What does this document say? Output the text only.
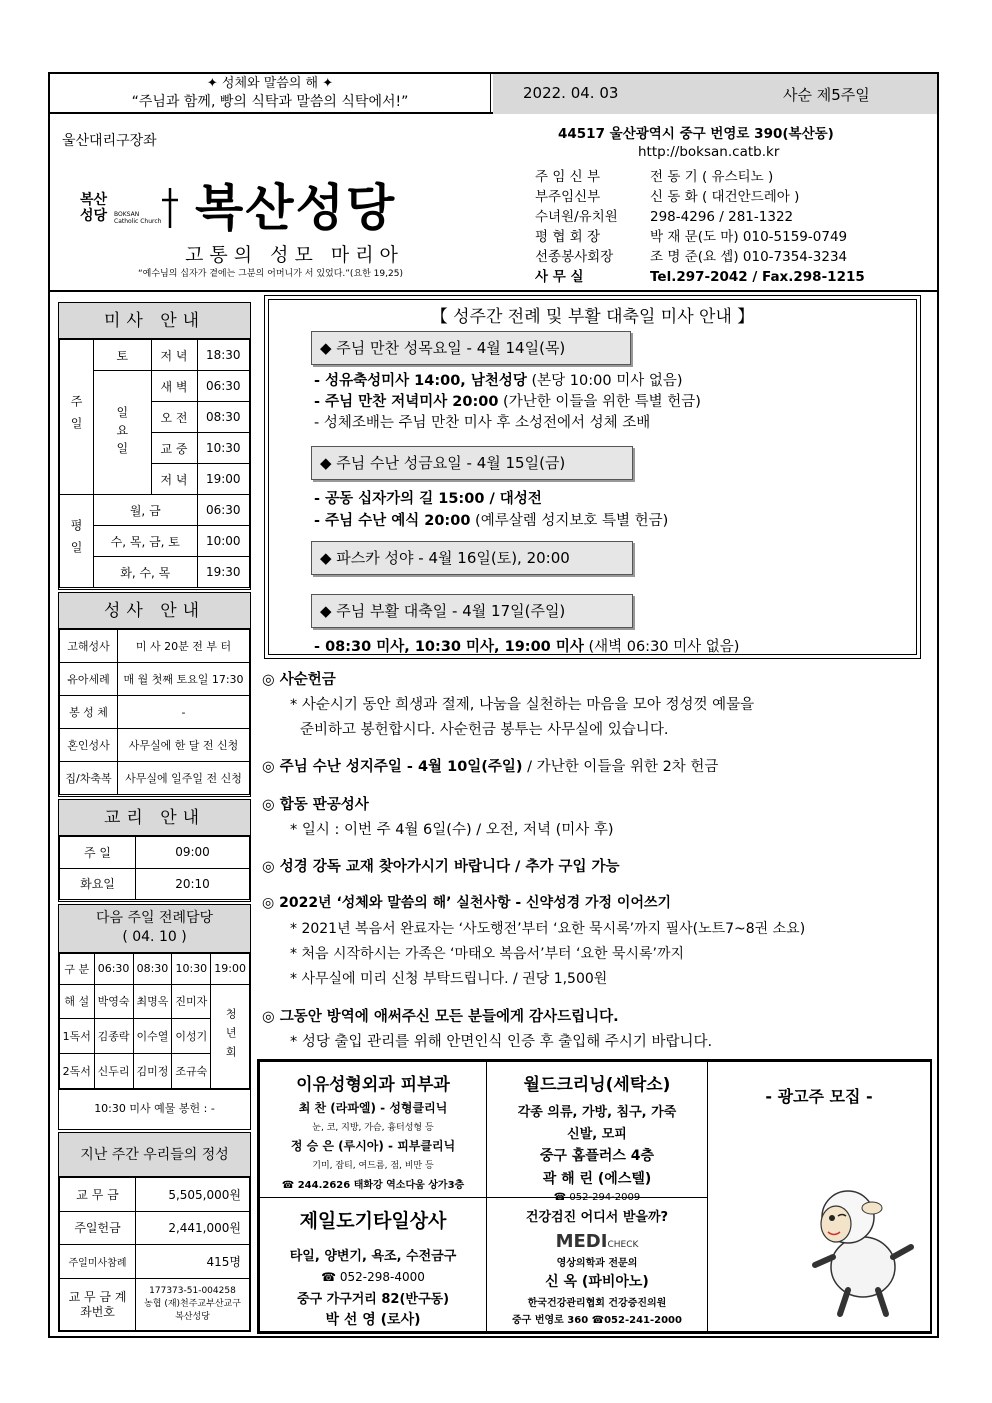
✦ 성체와 말씀의 해 ✦
“주님과 함께, 빵의 식탁과 말씀의 식탁에서!”	2022. 04. 03	사순 제5주일
울산대리구장좌
복산
성당 BOKSAN
Catholic Church 복산성당
고통의 성모 마리아
“예수님의 십자가 곁에는 그분의 어머니가 서 있었다.”(요한 19,25)
44517 울산광역시 중구 번영로 390(복산동)
http://boksan.catb.kr
주 임 신 부	전 동 기 ( 유스티노 )
부주임신부	신 동 화 ( 대건안드레아 )
수녀원/유치원 298-4296 / 281-1322
평 협 회 장	박 재 문(도 마) 010-5159-0749
선종봉사회장	조 명 준(요 셉) 010-7354-3234
사 무 실	Tel.297-2042 / Fax.298-1215
미사 안내
주일	토	저 녁	18:30
	일요일	새 벽	06:30
		오 전	08:30
		교 중	10:30
		저 녁	19:00
평일	월, 금		06:30
	수, 목, 금, 토		10:00
	화, 수, 목		19:30
성사 안내
고해성사	미 사 20분 전 부 터
유아세례	매 월 첫째 토요일 17:30
봉 성 체	-
혼인성사	사무실에 한 달 전 신청
집/차축복	사무실에 일주일 전 신청
교리 안내
주 일	09:00
화요일	20:10
다음 주일 전례담당
( 04. 10 )
구 분	06:30	08:30	10:30	19:00
해 설	박영숙	최명옥	진미자	청년회
1독서	김종락	이수열	이성기	
2독서	신두리	김미정	조규숙	
10:30 미사 예물 봉헌 : -
지난 주간 우리들의 정성
교 무 금	5,505,000원
주일헌금	2,441,000원
주일미사참례	415명
교 무 금 계좌번호	177373-51-004258
농협 (재)천주교부산교구
복산성당
【 성주간 전례 및 부활 대축일 미사 안내 】
◆ 주님 만찬 성목요일 - 4월 14일(목)
- 성유축성미사 14:00, 남천성당 (본당 10:00 미사 없음)
- 주님 만찬 저녁미사 20:00 (가난한 이들을 위한 특별 헌금)
- 성체조배는 주님 만찬 미사 후 소성전에서 성체 조배
◆ 주님 수난 성금요일 - 4월 15일(금)
- 공동 십자가의 길 15:00 / 대성전
- 주님 수난 예식 20:00 (예루살렘 성지보호 특별 헌금)
◆ 파스카 성야 - 4월 16일(토), 20:00
◆ 주님 부활 대축일 - 4월 17일(주일)
- 08:30 미사, 10:30 미사, 19:00 미사 (새벽 06:30 미사 없음)
◎ 사순헌금
* 사순시기 동안 희생과 절제, 나눔을 실천하는 마음을 모아 정성껏 예물을
준비하고 봉헌합시다. 사순헌금 봉투는 사무실에 있습니다.
◎ 주님 수난 성지주일 - 4월 10일(주일) / 가난한 이들을 위한 2차 헌금
◎ 합동 판공성사
* 일시 : 이번 주 4월 6일(수) / 오전, 저녁 (미사 후)
◎ 성경 강독 교재 찾아가시기 바랍니다 / 추가 구입 가능
◎ 2022년 ‘성체와 말씀의 해’ 실천사항 - 신약성경 가정 이어쓰기
* 2021년 복음서 완료자는 ‘사도행전’부터 ‘요한 묵시록’까지 필사(노트7~8권 소요)
* 처음 시작하시는 가족은 ‘마태오 복음서’부터 ‘요한 묵시록’까지
* 사무실에 미리 신청 부탁드립니다. / 권당 1,500원
◎ 그동안 방역에 애써주신 모든 분들에게 감사드립니다.
* 성당 출입 관리를 위해 안면인식 인증 후 출입해 주시기 바랍니다.
이유성형외과 피부과
최 찬 (라파엘) - 성형클리닉
눈, 코, 지방, 가슴, 흉터성형 등
정 승 은 (루시아) - 피부클리닉
기미, 잡티, 여드름, 점, 비만 등
☎ 244.2626 태화강 역소다움 상가3층
월드크리닝(세탁소)
각종 의류, 가방, 침구, 가죽
신발, 모피
중구 홈플러스 4층
곽 해 린 (에스텔)
☎ 052-294-2009
- 광고주 모집 -
제일도기타일상사
타일, 양변기, 욕조, 수전금구
☎ 052-298-4000
중구 가구거리 82(반구동)
박 선 영 (로사)
건강검진 어디서 받을까?
MEDICHECK
영상의학과 전문의
신 옥 (파비아노)
한국건강관리협회 건강증진의원
중구 번영로 360 ☎052-241-2000
